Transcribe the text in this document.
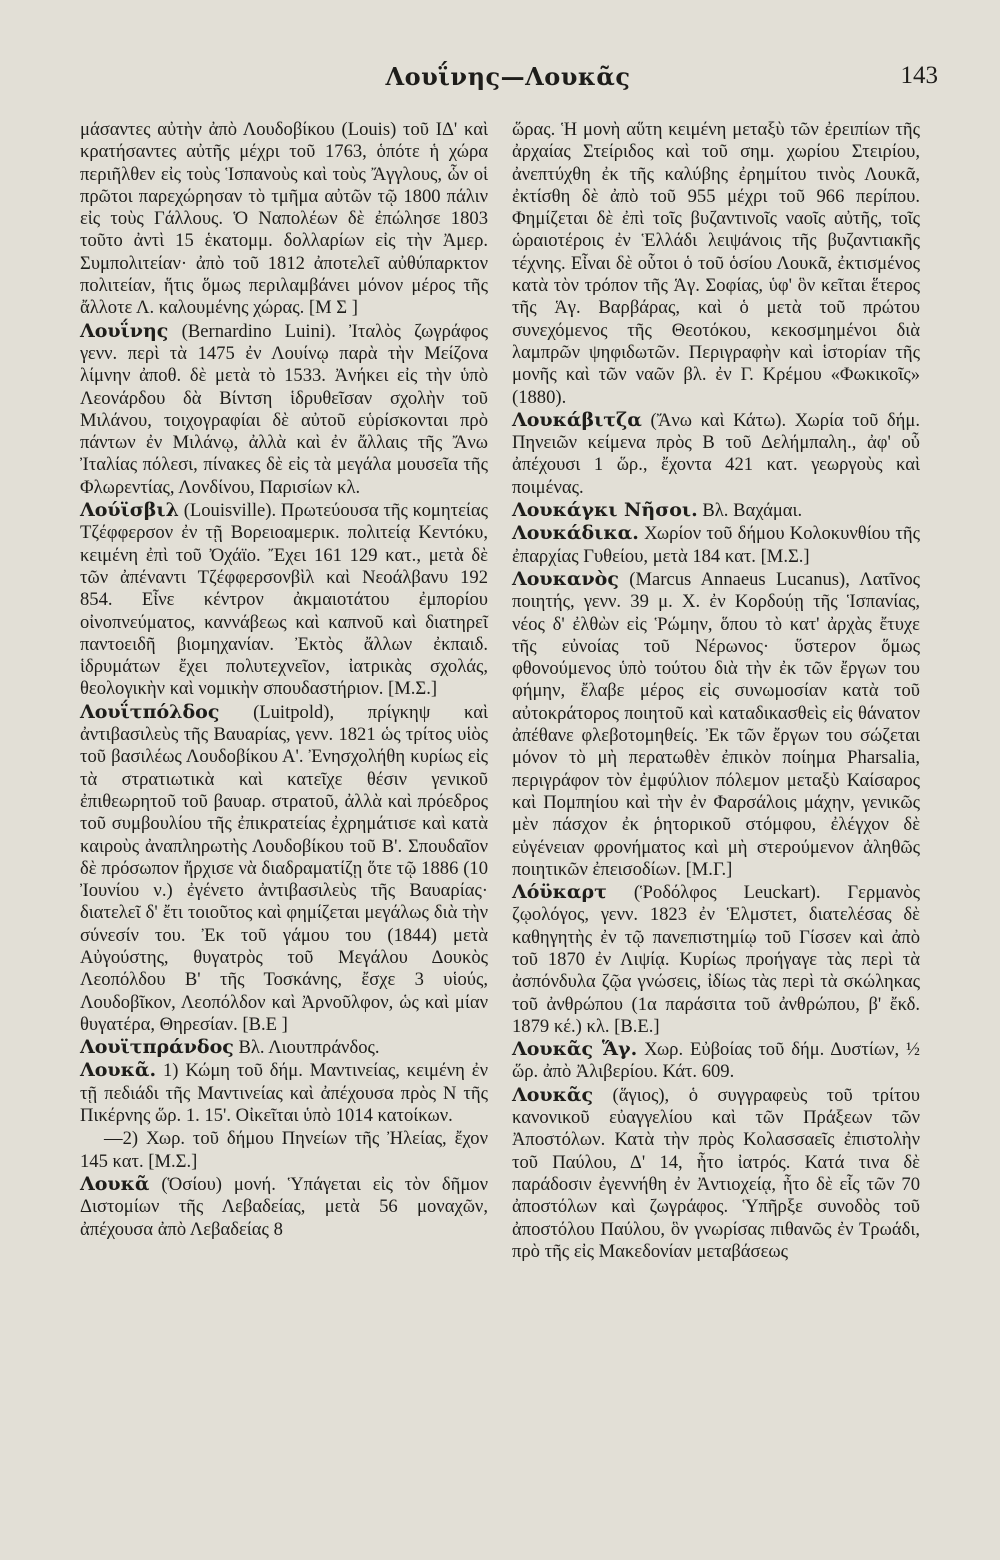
Λουΐνης—Λουκᾶς	143

μάσαντες αὐτὴν ἀπὸ Λουδοβίκου (Louis) τοῦ ΙΔ' καὶ κρατήσαντες αὐτῆς μέχρι τοῦ 1763, ὁπότε ἡ χώρα περιῆλθεν εἰς τοὺς Ἱσπανοὺς καὶ τοὺς Ἄγγλους, ὧν οἱ πρῶτοι παρεχώρησαν τὸ τμῆμα αὐτῶν τῷ 1800 πάλιν εἰς τοὺς Γάλλους. Ὁ Ναπολέων δὲ ἐπώλησε 1803 τοῦτο ἀντὶ 15 ἑκατομμ. δολλαρίων εἰς τὴν Ἀμερ. Συμπολιτείαν· ἀπὸ τοῦ 1812 ἀποτελεῖ αὐθύπαρκτον πολιτείαν, ἥτις ὅμως περιλαμβάνει μόνον μέρος τῆς ἄλλοτε Λ. καλουμένης χώρας. [Μ Σ ]

Λουΐνης (Bernardino Luini). Ἰταλὸς ζωγράφος γενν. περὶ τὰ 1475 ἐν Λουίνῳ παρὰ τὴν Μείζονα λίμνην ἀποθ. δὲ μετὰ τὸ 1533. Ἀνήκει εἰς τὴν ὑπὸ Λεονάρδου δὰ Βίντση ἱδρυθεῖσαν σχολὴν τοῦ Μιλάνου, τοιχογραφίαι δὲ αὐτοῦ εὑρίσκονται πρὸ πάντων ἐν Μιλάνῳ, ἀλλὰ καὶ ἐν ἄλλαις τῆς Ἄνω Ἰταλίας πόλεσι, πίνακες δὲ εἰς τὰ μεγάλα μουσεῖα τῆς Φλωρεντίας, Λονδίνου, Παρισίων κλ.

Λούϊσβιλ (Louisville). Πρωτεύουσα τῆς κομητείας Τζέφφερσον ἐν τῇ Βορειοαμερικ. πολιτείᾳ Κεντόκυ, κειμένη ἐπὶ τοῦ Ὀχάϊο. Ἔχει 161 129 κατ., μετὰ δὲ τῶν ἀπέναντι Τζέφφερσονβὶλ καὶ Νεοάλβανυ 192 854. Εἶνε κέντρον ἀκμαιοτάτου ἐμπορίου οἰνοπνεύματος, καννάβεως καὶ καπνοῦ καὶ διατηρεῖ παντοειδῆ βιομηχανίαν. Ἐκτὸς ἄλλων ἐκπαιδ. ἱδρυμάτων ἔχει πολυτεχνεῖον, ἰατρικὰς σχολάς, θεολογικὴν καὶ νομικὴν σπουδαστήριον. [Μ.Σ.]

Λουΐτπόλδος (Luitpold), πρίγκηψ καὶ ἀντιβασιλεὺς τῆς Βαυαρίας, γενν. 1821 ὡς τρίτος υἱὸς τοῦ βασιλέως Λουδοβίκου Α'. Ἐνησχολήθη κυρίως εἰς τὰ στρατιωτικὰ καὶ κατεῖχε θέσιν γενικοῦ ἐπιθεωρητοῦ τοῦ βαυαρ. στρατοῦ, ἀλλὰ καὶ πρόεδρος τοῦ συμβουλίου τῆς ἐπικρατείας ἐχρημάτισε καὶ κατὰ καιροὺς ἀναπληρωτὴς Λουδοβίκου τοῦ Β'. Σπουδαῖον δὲ πρόσωπον ἤρχισε νὰ διαδραματίζῃ ὅτε τῷ 1886 (10 Ἰουνίου ν.) ἐγένετο ἀντιβασιλεὺς τῆς Βαυαρίας· διατελεῖ δ' ἔτι τοιοῦτος καὶ φημίζεται μεγάλως διὰ τὴν σύνεσίν του. Ἐκ τοῦ γάμου του (1844) μετὰ Αὐγούστης, θυγατρὸς τοῦ Μεγάλου Δουκὸς Λεοπόλδου Β' τῆς Τοσκάνης, ἔσχε 3 υἱούς, Λουδοβῖκον, Λεοπόλδον καὶ Ἀρνοῦλφον, ὡς καὶ μίαν θυγατέρα, Θηρεσίαν. [Β.Ε ]

Λουϊτπράνδος Βλ. Λιουτπράνδος.

Λουκᾶ. 1) Κώμη τοῦ δήμ. Μαντινείας, κειμένη ἐν τῇ πεδιάδι τῆς Μαντινείας καὶ ἀπέχουσα πρὸς Ν τῆς Πικέρνης ὥρ. 1. 15'. Οἰκεῖται ὑπὸ 1014 κατοίκων.

—2) Χωρ. τοῦ δήμου Πηνείων τῆς Ἠλείας, ἔχον 145 κατ. [Μ.Σ.]

Λουκᾶ (Ὁσίου) μονή. Ὑπάγεται εἰς τὸν δῆμον Διστομίων τῆς Λεβαδείας, μετὰ 56 μοναχῶν, ἀπέχουσα ἀπὸ Λεβαδείας 8

ὥρας. Ἡ μονὴ αὕτη κειμένη μεταξὺ τῶν ἐρειπίων τῆς ἀρχαίας Στείριδος καὶ τοῦ σημ. χωρίου Στειρίου, ἀνεπτύχθη ἐκ τῆς καλύβης ἐρημίτου τινὸς Λουκᾶ, ἐκτίσθη δὲ ἀπὸ τοῦ 955 μέχρι τοῦ 966 περίπου. Φημίζεται δὲ ἐπὶ τοῖς βυζαντινοῖς ναοῖς αὐτῆς, τοῖς ὡραιοτέροις ἐν Ἑλλάδι λειψάνοις τῆς βυζαντιακῆς τέχνης. Εἶναι δὲ οὗτοι ὁ τοῦ ὁσίου Λουκᾶ, ἐκτισμένος κατὰ τὸν τρόπον τῆς Ἁγ. Σοφίας, ὑφ' ὃν κεῖται ἕτερος τῆς Ἁγ. Βαρβάρας, καὶ ὁ μετὰ τοῦ πρώτου συνεχόμενος τῆς Θεοτόκου, κεκοσμημένοι διὰ λαμπρῶν ψηφιδωτῶν. Περιγραφὴν καὶ ἱστορίαν τῆς μονῆς καὶ τῶν ναῶν βλ. ἐν Γ. Κρέμου «Φωκικοῖς» (1880).

Λουκάβιτζα (Ἄνω καὶ Κάτω). Χωρία τοῦ δήμ. Πηνειῶν κείμενα πρὸς Β τοῦ Δελήμπαλη., ἀφ' οὗ ἀπέχουσι 1 ὥρ., ἔχοντα 421 κατ. γεωργοὺς καὶ ποιμένας.

Λουκάγκι Νῆσοι. Βλ. Βαχάμαι.

Λουκάδικα. Χωρίον τοῦ δήμου Κολοκυνθίου τῆς ἐπαρχίας Γυθείου, μετὰ 184 κατ. [Μ.Σ.]

Λουκανὸς (Marcus Annaeus Lucanus), Λατῖνος ποιητής, γενν. 39 μ. Χ. ἐν Κορδούῃ τῆς Ἱσπανίας, νέος δ' ἐλθὼν εἰς Ῥώμην, ὅπου τὸ κατ' ἀρχὰς ἔτυχε τῆς εὐνοίας τοῦ Νέρωνος· ὕστερον ὅμως φθονούμενος ὑπὸ τούτου διὰ τὴν ἐκ τῶν ἔργων του φήμην, ἔλαβε μέρος εἰς συνωμοσίαν κατὰ τοῦ αὐτοκράτορος ποιητοῦ καὶ καταδικασθεὶς εἰς θάνατον ἀπέθανε φλεβοτομηθείς. Ἐκ τῶν ἔργων του σώζεται μόνον τὸ μὴ περατωθὲν ἐπικὸν ποίημα Pharsalia, περιγράφον τὸν ἐμφύλιον πόλεμον μεταξὺ Καίσαρος καὶ Πομπηίου καὶ τὴν ἐν Φαρσάλοις μάχην, γενικῶς μὲν πάσχον ἐκ ῥητορικοῦ στόμφου, ἐλέγχον δὲ εὐγένειαν φρονήματος καὶ μὴ στερούμενον ἀληθῶς ποιητικῶν ἐπεισοδίων. [Μ.Γ.]

Λόϋκαρτ (Ῥοδόλφος Leuckart). Γερμανὸς ζῳολόγος, γενν. 1823 ἐν Ἑλμστετ, διατελέσας δὲ καθηγητὴς ἐν τῷ πανεπιστημίῳ τοῦ Γίσσεν καὶ ἀπὸ τοῦ 1870 ἐν Λιψίᾳ. Κυρίως προήγαγε τὰς περὶ τὰ ἀσπόνδυλα ζῷα γνώσεις, ἰδίως τὰς περὶ τὰ σκώληκας τοῦ ἀνθρώπου (1α παράσιτα τοῦ ἀνθρώπου, β' ἔκδ. 1879 κέ.) κλ. [Β.Ε.]

Λουκᾶς Ἅγ. Χωρ. Εὐβοίας τοῦ δήμ. Δυστίων, ½ ὥρ. ἀπὸ Ἀλιβερίου. Κάτ. 609.

Λουκᾶς (ἅγιος), ὁ συγγραφεὺς τοῦ τρίτου κανονικοῦ εὐαγγελίου καὶ τῶν Πράξεων τῶν Ἀποστόλων. Κατὰ τὴν πρὸς Κολασσαεῖς ἐπιστολὴν τοῦ Παύλου, Δ' 14, ἦτο ἰατρός. Κατά τινα δὲ παράδοσιν ἐγεννήθη ἐν Ἀντιοχείᾳ, ἦτο δὲ εἷς τῶν 70 ἀποστόλων καὶ ζωγράφος. Ὑπῆρξε συνοδὸς τοῦ ἀποστόλου Παύλου, ὃν γνωρίσας πιθανῶς ἐν Τρωάδι, πρὸ τῆς εἰς Μακεδονίαν μεταβάσεως
